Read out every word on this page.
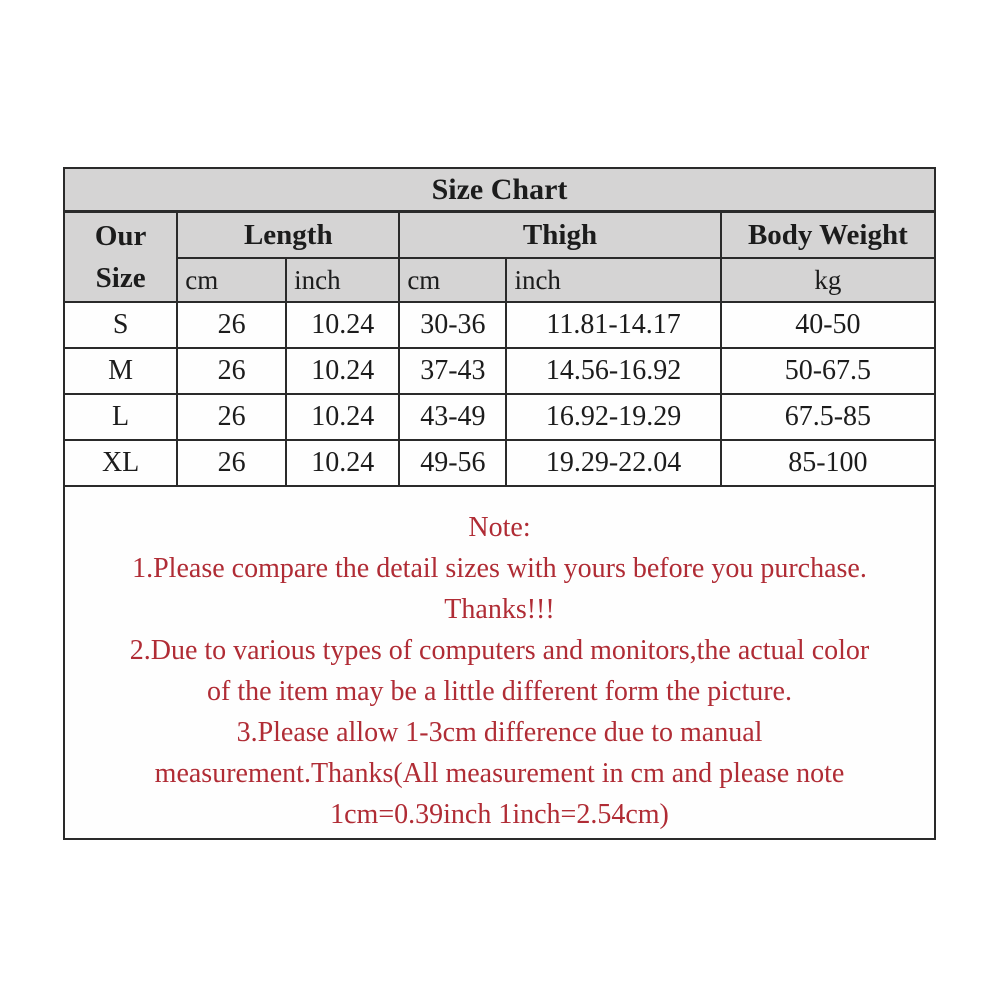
Size Chart					

Our
Size	Length		Thigh		Body Weight
	cm	inch	cm	inch	kg
S	26	10.24	30-36	11.81-14.17	40-50
M	26	10.24	37-43	14.56-16.92	50-67.5
L	26	10.24	43-49	16.92-19.29	67.5-85
XL	26	10.24	49-56	19.29-22.04	85-100

Note:
1.Please compare the detail sizes with yours before you purchase.
Thanks!!!
2.Due to various types of computers and monitors,the actual color
of the item may be a little different form the picture.
3.Please allow 1-3cm difference due to manual
measurement.Thanks(All measurement in cm and please note
1cm=0.39inch 1inch=2.54cm)
